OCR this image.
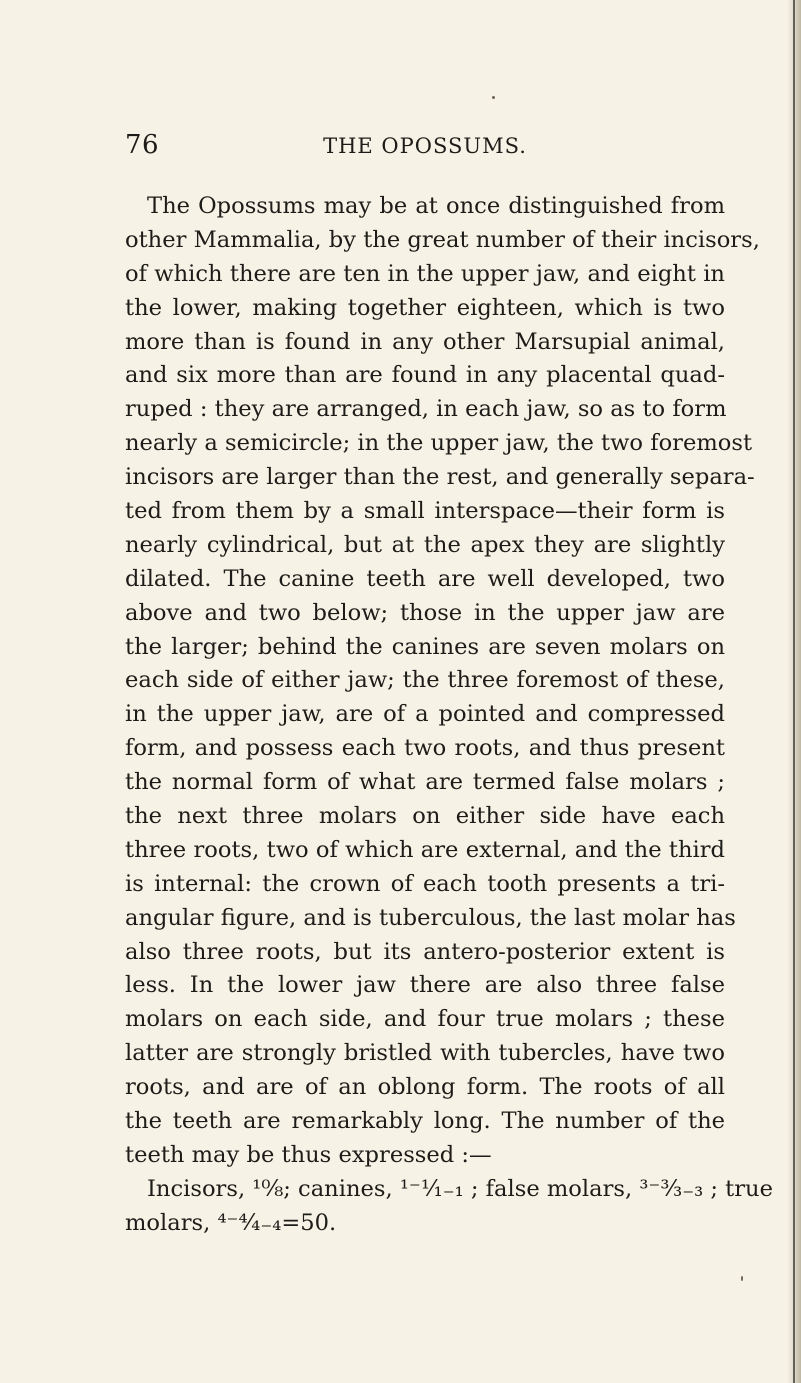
76	THE OPOSSUMS.
The Opossums may be at once distinguished from
other Mammalia, by the great number of their incisors,
of which there are ten in the upper jaw, and eight in
the lower, making together eighteen, which is two
more than is found in any other Marsupial animal,
and six more than are found in any placental quad-
ruped : they are arranged, in each jaw, so as to form
nearly a semicircle; in the upper jaw, the two foremost
incisors are larger than the rest, and generally separa-
ted from them by a small interspace—their form is
nearly cylindrical, but at the apex they are slightly
dilated. The canine teeth are well developed, two
above and two below; those in the upper jaw are
the larger; behind the canines are seven molars on
each side of either jaw; the three foremost of these,
in the upper jaw, are of a pointed and compressed
form, and possess each two roots, and thus present
the normal form of what are termed false molars ;
the next three molars on either side have each
three roots, two of which are external, and the third
is internal: the crown of each tooth presents a tri-
angular figure, and is tuberculous, the last molar has
also three roots, but its antero-posterior extent is
less. In the lower jaw there are also three false
molars on each side, and four true molars ; these
latter are strongly bristled with tubercles, have two
roots, and are of an oblong form. The roots of all
the teeth are remarkably long. The number of the
teeth may be thus expressed :—
Incisors, ¹⁰⁄₈; canines, ¹⁻¹⁄₁₋₁ ; false molars, ³⁻³⁄₃₋₃ ; true
molars, ⁴⁻⁴⁄₄₋₄=50.
